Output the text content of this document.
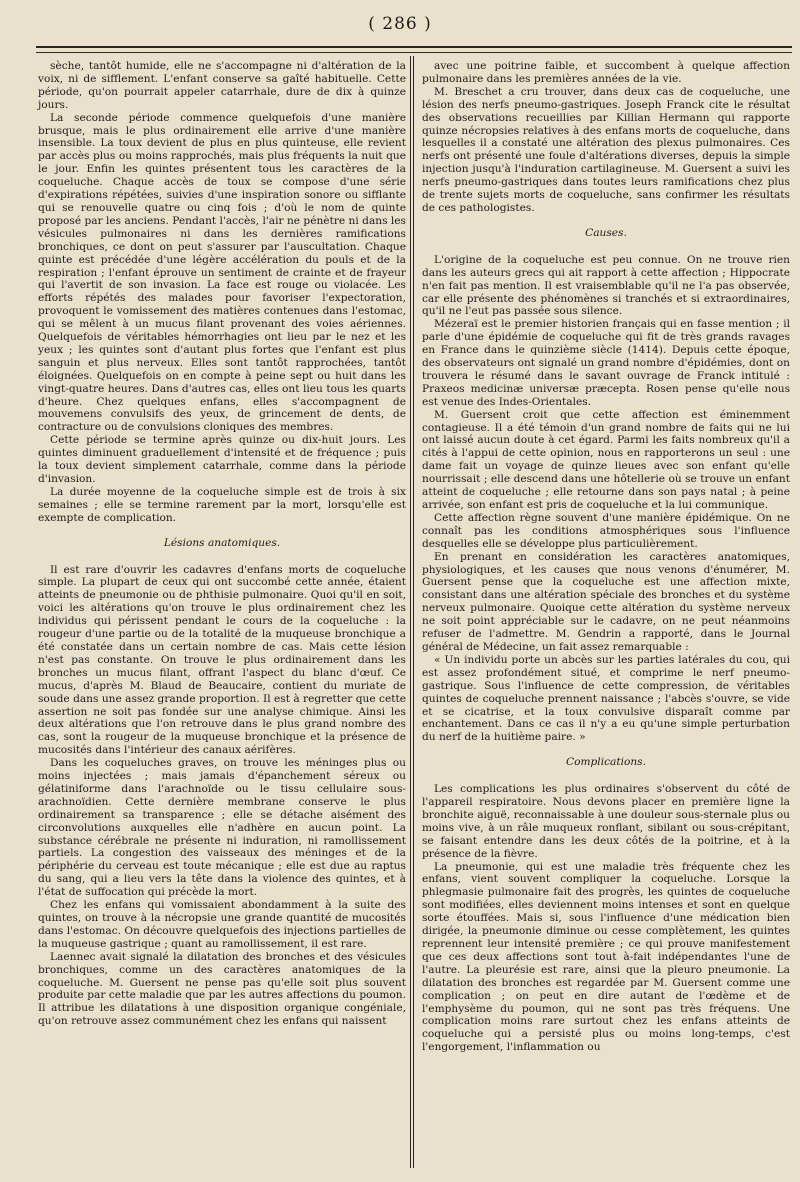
( 286 )

sèche, tantôt humide, elle ne s'accompagne ni d'altération de la voix, ni de sifflement. L'enfant conserve sa gaîté habituelle. Cette période, qu'on pourrait appeler catarrhale, dure de dix à quinze jours.

La seconde période commence quelquefois d'une manière brusque, mais le plus ordinairement elle arrive d'une manière insensible. La toux devient de plus en plus quinteuse, elle revient par accès plus ou moins rapprochés, mais plus fréquents la nuit que le jour. Enfin les quintes présentent tous les caractères de la coqueluche. Chaque accès de toux se compose d'une série d'expirations répétées, suivies d'une inspiration sonore ou sifflante qui se renouvelle quatre ou cinq fois ; d'où le nom de quinte proposé par les anciens. Pendant l'accès, l'air ne pénètre ni dans les vésicules pulmonaires ni dans les dernières ramifications bronchiques, ce dont on peut s'assurer par l'auscultation. Chaque quinte est précédée d'une légère accélération du pouls et de la respiration ; l'enfant éprouve un sentiment de crainte et de frayeur qui l'avertit de son invasion. La face est rouge ou violacée. Les efforts répétés des malades pour favoriser l'expectoration, provoquent le vomissement des matières contenues dans l'estomac, qui se mêlent à un mucus filant provenant des voies aériennes. Quelquefois de véritables hémorrhagies ont lieu par le nez et les yeux ; les quintes sont d'autant plus fortes que l'enfant est plus sanguin et plus nerveux. Elles sont tantôt rapprochées, tantôt éloignées. Quelquefois on en compte à peine sept ou huit dans les vingt-quatre heures. Dans d'autres cas, elles ont lieu tous les quarts d'heure. Chez quelques enfans, elles s'accompagnent de mouvemens convulsifs des yeux, de grincement de dents, de contracture ou de convulsions cloniques des membres.

Cette période se termine après quinze ou dix-huit jours. Les quintes diminuent graduellement d'intensité et de fréquence ; puis la toux devient simplement catarrhale, comme dans la période d'invasion.

La durée moyenne de la coqueluche simple est de trois à six semaines ; elle se termine rarement par la mort, lorsqu'elle est exempte de complication.

Lésions anatomiques.

Il est rare d'ouvrir les cadavres d'enfans morts de coqueluche simple. La plupart de ceux qui ont succombé cette année, étaient atteints de pneumonie ou de phthisie pulmonaire. Quoi qu'il en soit, voici les altérations qu'on trouve le plus ordinairement chez les individus qui périssent pendant le cours de la coqueluche : la rougeur d'une partie ou de la totalité de la muqueuse bronchique a été constatée dans un certain nombre de cas. Mais cette lésion n'est pas constante. On trouve le plus ordinairement dans les bronches un mucus filant, offrant l'aspect du blanc d'œuf. Ce mucus, d'après M. Blaud de Beaucaire, contient du muriate de soude dans une assez grande proportion. Il est à regretter que cette assertion ne soit pas fondée sur une analyse chimique. Ainsi les deux altérations que l'on retrouve dans le plus grand nombre des cas, sont la rougeur de la muqueuse bronchique et la présence de mucosités dans l'intérieur des canaux aérifères.

Dans les coqueluches graves, on trouve les méninges plus ou moins injectées ; mais jamais d'épanchement séreux ou gélatiniforme dans l'arachnoïde ou le tissu cellulaire sous-arachnoïdien. Cette dernière membrane conserve le plus ordinairement sa transparence ; elle se détache aisément des circonvolutions auxquelles elle n'adhère en aucun point. La substance cérébrale ne présente ni induration, ni ramollissement partiels. La congestion des vaisseaux des méninges et de la périphérie du cerveau est toute mécanique ; elle est due au raptus du sang, qui a lieu vers la tête dans la violence des quintes, et à l'état de suffocation qui précède la mort.

Chez les enfans qui vomissaient abondamment à la suite des quintes, on trouve à la nécropsie une grande quantité de mucosités dans l'estomac. On découvre quelquefois des injections partielles de la muqueuse gastrique ; quant au ramollissement, il est rare.

Laennec avait signalé la dilatation des bronches et des vésicules bronchiques, comme un des caractères anatomiques de la coqueluche. M. Guersent ne pense pas qu'elle soit plus souvent produite par cette maladie que par les autres affections du poumon. Il attribue les dilatations à une disposition organique congéniale, qu'on retrouve assez communément chez les enfans qui naissent

avec une poitrine faible, et succombent à quelque affection pulmonaire dans les premières années de la vie.

M. Breschet a cru trouver, dans deux cas de coqueluche, une lésion des nerfs pneumo-gastriques. Joseph Franck cite le résultat des observations recueillies par Killian Hermann qui rapporte quinze nécropsies relatives à des enfans morts de coqueluche, dans lesquelles il a constaté une altération des plexus pulmonaires. Ces nerfs ont présenté une foule d'altérations diverses, depuis la simple injection jusqu'à l'induration cartilagineuse. M. Guersent a suivi les nerfs pneumo-gastriques dans toutes leurs ramifications chez plus de trente sujets morts de coqueluche, sans confirmer les résultats de ces pathologistes.

Causes.

L'origine de la coqueluche est peu connue. On ne trouve rien dans les auteurs grecs qui ait rapport à cette affection ; Hippocrate n'en fait pas mention. Il est vraisemblable qu'il ne l'a pas observée, car elle présente des phénomènes si tranchés et si extraordinaires, qu'il ne l'eut pas passée sous silence.

Mézeraï est le premier historien français qui en fasse mention ; il parle d'une épidémie de coqueluche qui fit de très grands ravages en France dans le quinzième siècle (1414). Depuis cette époque, des observateurs ont signalé un grand nombre d'épidémies, dont on trouvera le résumé dans le savant ouvrage de Franck intitulé : Praxeos medicinæ universæ præcepta. Rosen pense qu'elle nous est venue des Indes-Orientales.

M. Guersent croit que cette affection est éminemment contagieuse. Il a été témoin d'un grand nombre de faits qui ne lui ont laissé aucun doute à cet égard. Parmi les faits nombreux qu'il a cités à l'appui de cette opinion, nous en rapporterons un seul : une dame fait un voyage de quinze lieues avec son enfant qu'elle nourrissait ; elle descend dans une hôtellerie où se trouve un enfant atteint de coqueluche ; elle retourne dans son pays natal ; à peine arrivée, son enfant est pris de coqueluche et la lui communique.

Cette affection règne souvent d'une manière épidémique. On ne connaît pas les conditions atmosphériques sous l'influence desquelles elle se développe plus particulièrement.

En prenant en considération les caractères anatomiques, physiologiques, et les causes que nous venons d'énumérer, M. Guersent pense que la coqueluche est une affection mixte, consistant dans une altération spéciale des bronches et du système nerveux pulmonaire. Quoique cette altération du système nerveux ne soit point appréciable sur le cadavre, on ne peut néanmoins refuser de l'admettre. M. Gendrin a rapporté, dans le Journal général de Médecine, un fait assez remarquable :

« Un individu porte un abcès sur les parties latérales du cou, qui est assez profondément situé, et comprime le nerf pneumo-gastrique. Sous l'influence de cette compression, de véritables quintes de coqueluche prennent naissance ; l'abcès s'ouvre, se vide et se cicatrise, et la toux convulsive disparaît comme par enchantement. Dans ce cas il n'y a eu qu'une simple perturbation du nerf de la huitième paire. »

Complications.

Les complications les plus ordinaires s'observent du côté de l'appareil respiratoire. Nous devons placer en première ligne la bronchite aiguë, reconnaissable à une douleur sous-sternale plus ou moins vive, à un râle muqueux ronflant, sibilant ou sous-crépitant, se faisant entendre dans les deux côtés de la poitrine, et à la présence de la fièvre.

La pneumonie, qui est une maladie très fréquente chez les enfans, vient souvent compliquer la coqueluche. Lorsque la phlegmasie pulmonaire fait des progrès, les quintes de coqueluche sont modifiées, elles deviennent moins intenses et sont en quelque sorte étouffées. Mais si, sous l'influence d'une médication bien dirigée, la pneumonie diminue ou cesse complètement, les quintes reprennent leur intensité première ; ce qui prouve manifestement que ces deux affections sont tout à-fait indépendantes l'une de l'autre. La pleurésie est rare, ainsi que la pleuro pneumonie. La dilatation des bronches est regardée par M. Guersent comme une complication ; on peut en dire autant de l'œdème et de l'emphysème du poumon, qui ne sont pas très fréquens. Une complication moins rare surtout chez les enfans atteints de coqueluche qui a persisté plus ou moins long-temps, c'est l'engorgement, l'inflammation ou
